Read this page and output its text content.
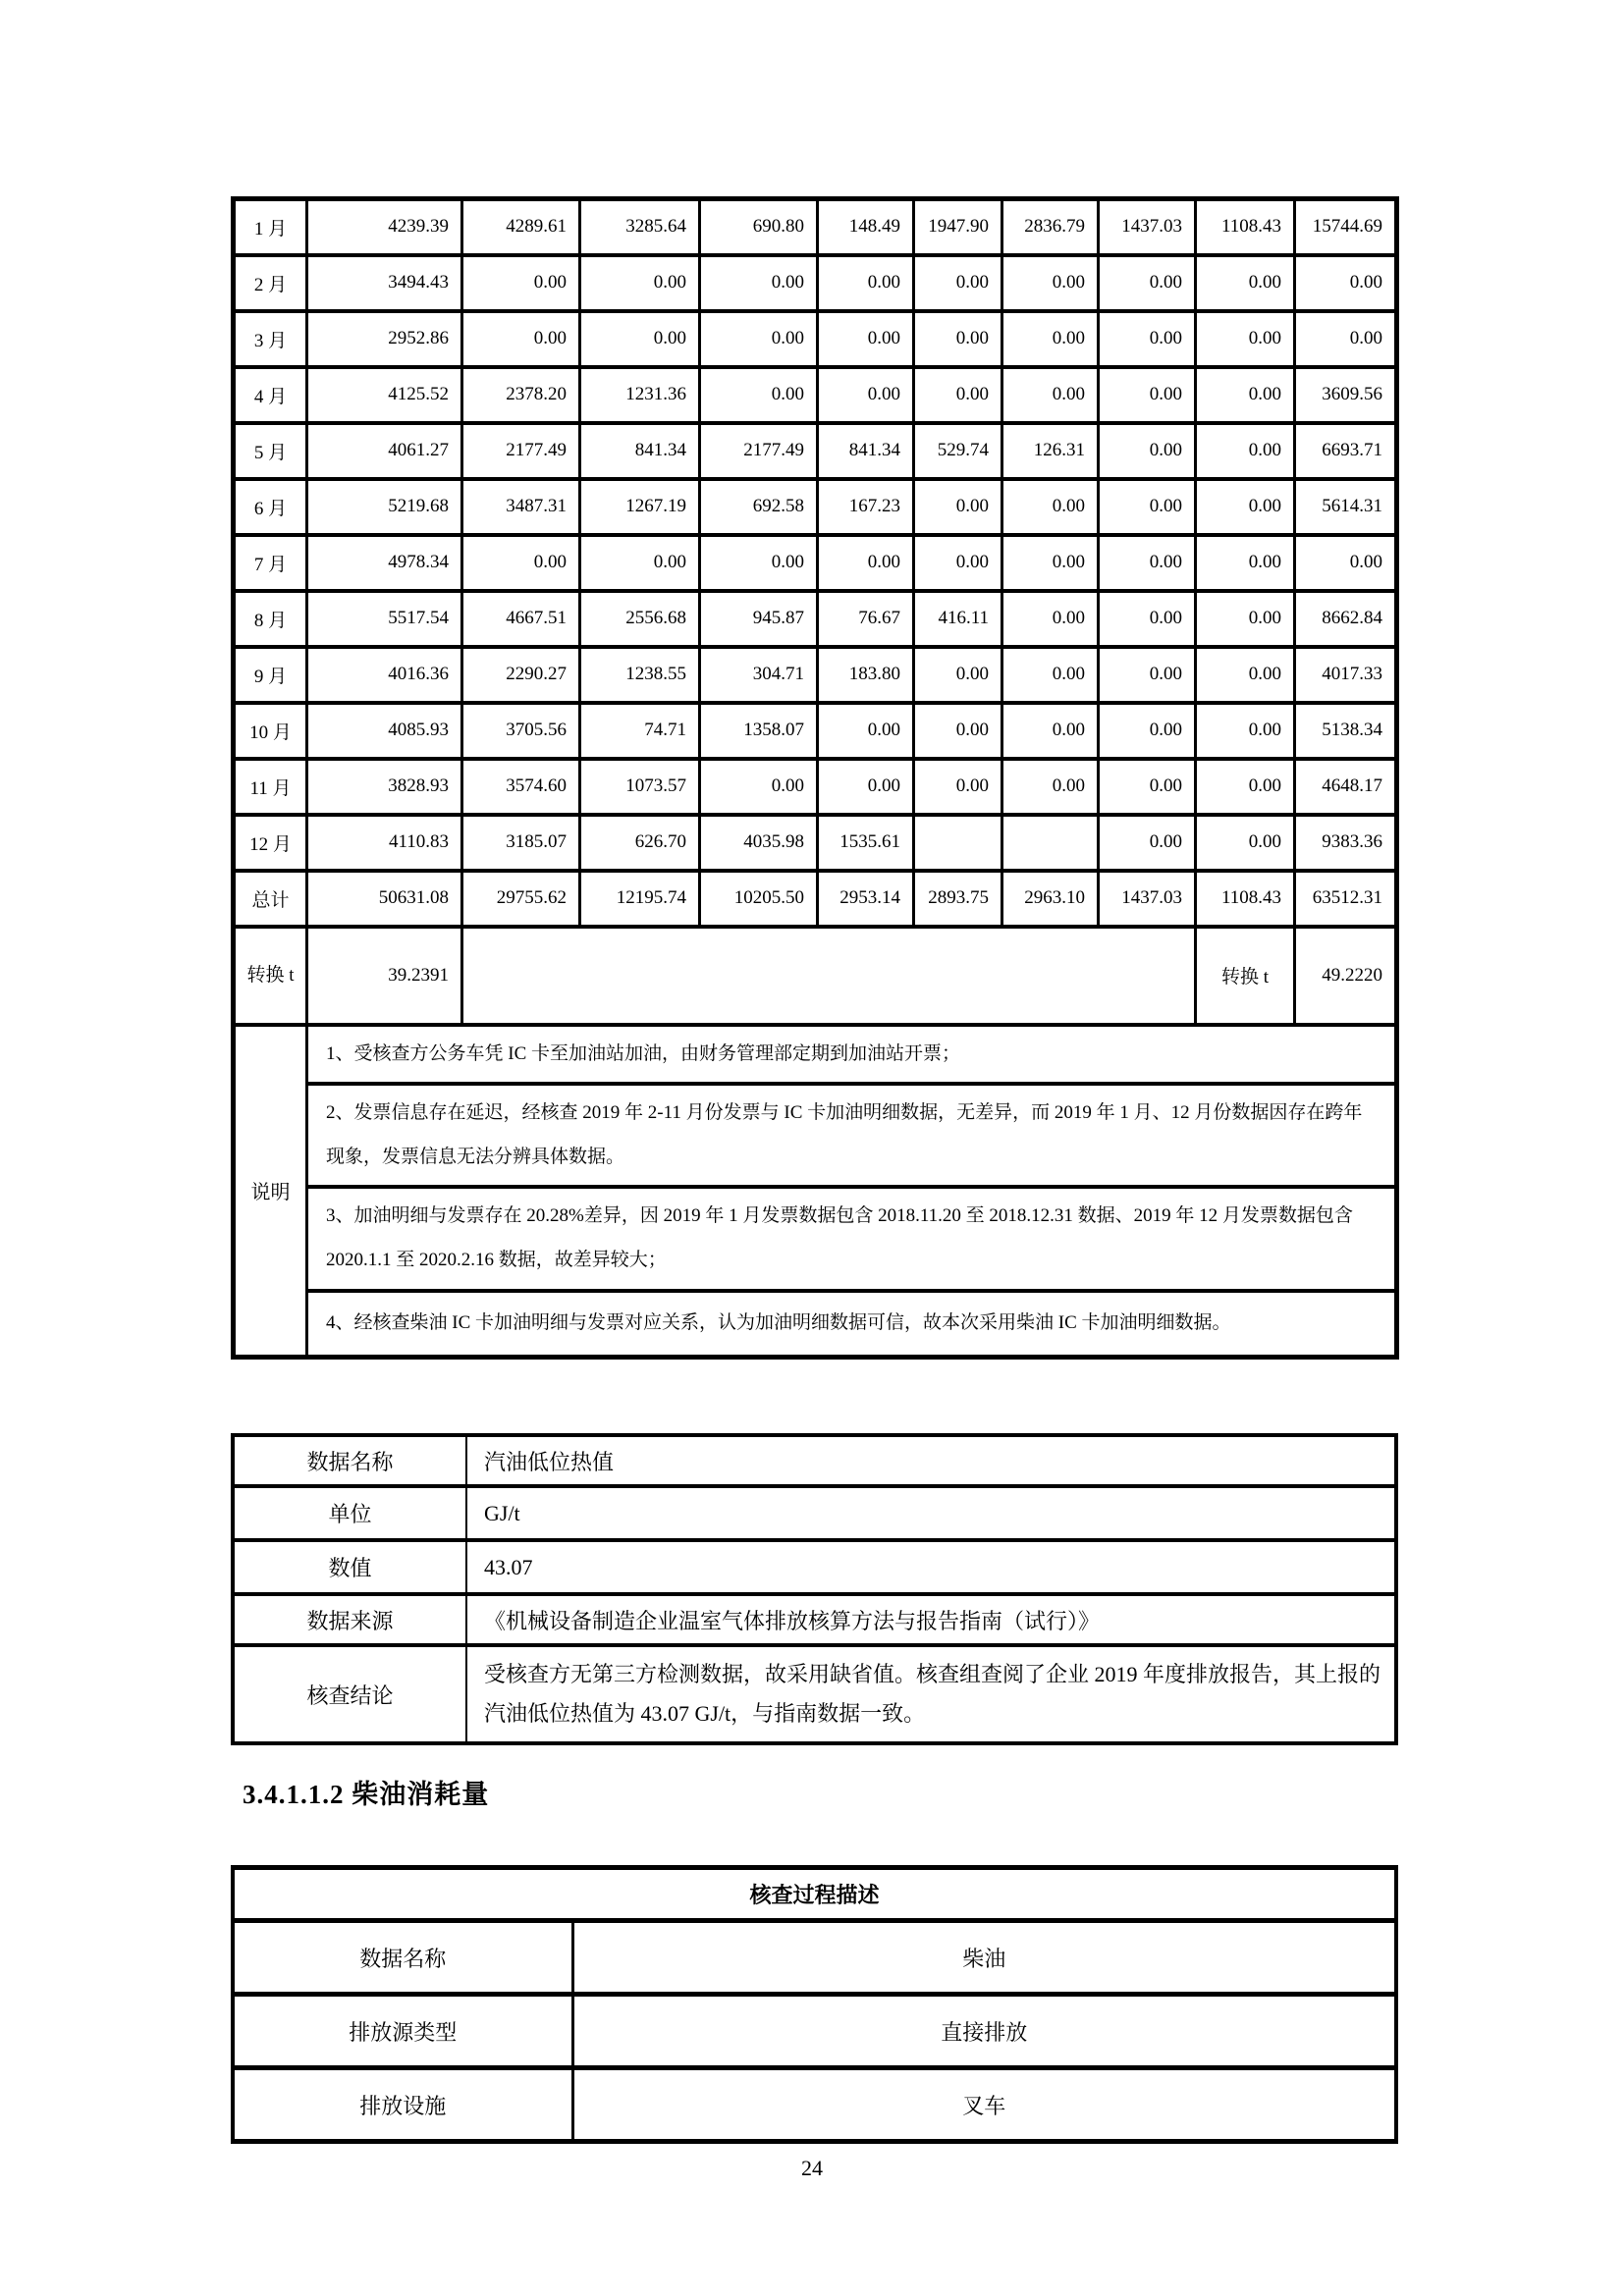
1 月	4239.39	4289.61	3285.64	690.80	148.49	1947.90	2836.79	1437.03	1108.43	15744.69
2 月	3494.43	0.00	0.00	0.00	0.00	0.00	0.00	0.00	0.00	0.00
3 月	2952.86	0.00	0.00	0.00	0.00	0.00	0.00	0.00	0.00	0.00
4 月	4125.52	2378.20	1231.36	0.00	0.00	0.00	0.00	0.00	0.00	3609.56
5 月	4061.27	2177.49	841.34	2177.49	841.34	529.74	126.31	0.00	0.00	6693.71
6 月	5219.68	3487.31	1267.19	692.58	167.23	0.00	0.00	0.00	0.00	5614.31
7 月	4978.34	0.00	0.00	0.00	0.00	0.00	0.00	0.00	0.00	0.00
8 月	5517.54	4667.51	2556.68	945.87	76.67	416.11	0.00	0.00	0.00	8662.84
9 月	4016.36	2290.27	1238.55	304.71	183.80	0.00	0.00	0.00	0.00	4017.33
10 月	4085.93	3705.56	74.71	1358.07	0.00	0.00	0.00	0.00	0.00	5138.34
11 月	3828.93	3574.60	1073.57	0.00	0.00	0.00	0.00	0.00	0.00	4648.17
12 月	4110.83	3185.07	626.70	4035.98	1535.61			0.00	0.00	9383.36
总计	50631.08	29755.62	12195.74	10205.50	2953.14	2893.75	2963.10	1437.03	1108.43	63512.31
转换 t	39.2391								转换 t	49.2220
说明	1、受核查方公务车凭 IC 卡至加油站加油，由财务管理部定期到加油站开票；									
	2、发票信息存在延迟，经核查 2019 年 2-11 月份发票与 IC 卡加油明细数据，无差异，而 2019 年 1 月、12 月份数据因存在跨年现象，发票信息无法分辨具体数据。									
	3、加油明细与发票存在 20.28%差异，因 2019 年 1 月发票数据包含 2018.11.20 至 2018.12.31 数据、2019 年 12 月发票数据包含 2020.1.1 至 2020.2.16 数据，故差异较大；									
	4、经核查柴油 IC 卡加油明细与发票对应关系，认为加油明细数据可信，故本次采用柴油 IC 卡加油明细数据。									
数据名称	汽油低位热值
单位	GJ/t
数值	43.07
数据来源	《机械设备制造企业温室气体排放核算方法与报告指南（试行）》
核查结论	受核查方无第三方检测数据，故采用缺省值。核查组查阅了企业 2019 年度排放报告，其上报的汽油低位热值为 43.07 GJ/t，与指南数据一致。
3.4.1.1.2 柴油消耗量
核查过程描述	
数据名称	柴油
排放源类型	直接排放
排放设施	叉车
24
